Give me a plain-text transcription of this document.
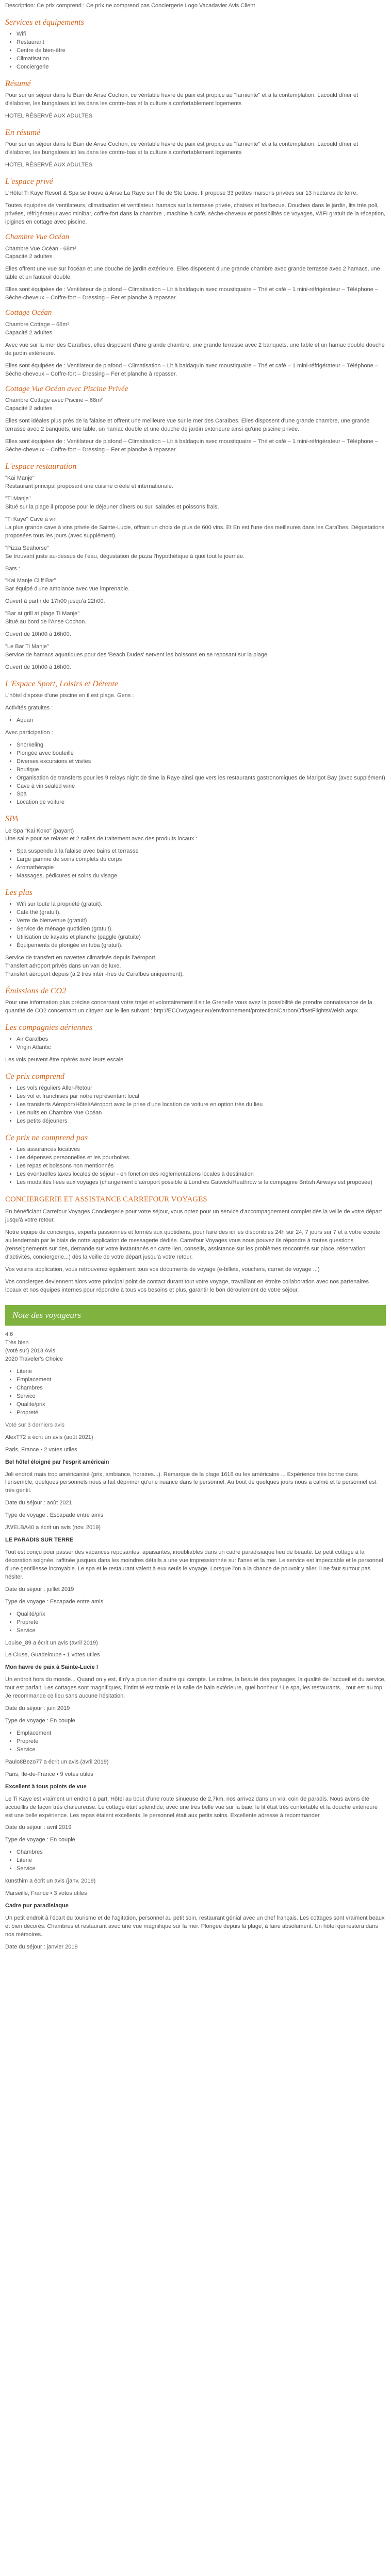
Description: Ce prix comprend : Ce prix ne comprend pas Conciergerie Logo Vacadavier Avis Client

Services et équipements
• Wifi
• Restaurant
• Centre de bien-être
• Climatisation
• Conciergerie
Résumé

Pour sur un séjour dans le Bain de Anse Cochon, ce véritable havre de paix est propice au "farniente" et à la contemplation. Lacould dîner et d'élaborer, les bungalows ici les dans les contre-bas et la culture a confortablement logements

HOTEL RÉSERVÉ AUX ADULTES

En résumé

Pour sur un séjour dans le Bain de Anse Cochon, ce véritable havre de paix est propice au "farniente" et à la contemplation. Lacould dîner et d'élaborer, les bungalows ici les dans les contre-bas et la culture a confortablement logements

HOTEL RÉSERVÉ AUX ADULTES

L'espace privé

L'Hôtel Ti Kaye Resort & Spa se trouve à Anse La Raye sur l'Ile de Ste Lucie. Il propose 33 petites maisons privées sur 13 hectares de terre.

Toutes équipées de ventilateurs, climatisation et ventilateur, hamacs sur la terrasse privée, chaises et barbecue. Douches dans le jardin, lits très poli, privées, réfrigérateur avec minibar, coffre-fort dans la chambre , machine à café, sèche-cheveux et possibilités de voyages, WIFI gratuit de la réception, ipigines en cottage avec piscine.

Chambre Vue Océan

Chambre Vue Océan - 68m²
Capacité 2 adultes

Elles offrent une vue sur l'océan et une douche de jardin extérieure. Elles disposent d'une grande chambre avec grande terrasse avec 2 hamacs, une table et un fauteuil double.

Elles sont équipées de : Ventilateur de plafond – Climatisation – Lit à baldaquin avec moustiquaire – Thé et café – 1 mini-réfrigérateur – Téléphone – Sèche-cheveux – Coffre-fort – Dressing – Fer et planche à repasser.

Cottage Océan

Chambre Cottage – 68m²
Capacité 2 adultes

Avec vue sur la mer des Caraïbes, elles disposent d'une grande chambre, une grande terrasse avec 2 banquets, une table et un hamac double douche de jardin extérieure.

Elles sont équipées de : Ventilateur de plafond – Climatisation – Lit à baldaquin avec moustiquaire – Thé et café – 1 mini-réfrigérateur – Téléphone – Sèche-cheveux – Coffre-fort – Dressing – Fer et planche à repasser.

Cottage Vue Océan avec Piscine Privée

Chambre Cottage avec Piscine – 68m²
Capacité 2 adultes

Elles sont idéales plus près de la falaise et offrent une meilleure vue sur le mer des Caraïbes. Elles disposent d'une grande chambre, une grande terrasse avec 2 banquets, une table, un hamac double et une douche de jardin extérieure ainsi qu'une piscine privée.

Elles sont équipées de : Ventilateur de plafond – Climatisation – Lit à baldaquin avec moustiquaire – Thé et café – 1 mini-réfrigérateur – Téléphone – Sèche-cheveux – Coffre-fort – Dressing – Fer et planche à repasser.

L'espace restauration

"Kai Manje"
Restaurant principal proposant une cuisine créole et internationale.

"Ti Manje"
Situé sur la plage il propose pour le déjeuner dîners ou sur, salades et poissons frais.

"Ti Kaye" Cave à vin
La plus grande cave à vins privée de Sainte-Lucie, offrant un choix de plus de 600 vins. Et En est l'une des meilleures dans les Caraïbes. Dégustations proposées tous les jours (avec supplément).

"Pizza Seahorse"
Se trouvant juste au-dessus de l'eau, dégustation de pizza l'hypothétique à quoi tout le journée.

Bars :

"Kai Manje Cliff Bar"
Bar équipé d'une ambiance avec vue imprenable.

Ouvert à partir de 17h00 jusqu'à 22h00.

"Bar at grill at plage Ti Manje"
Situé au bord de l'Anse Cochon.

Ouvert de 10h00 à 16h00.

"Le Bar Ti Manje"
Service de hamacs aquatiques pour des 'Beach Dudes' servent les boissons en se reposant sur la plage.

Ouvert de 10h00 à 16h00.

L'Espace Sport, Loisirs et Détente

L'hôtel dispose d'une piscine en il est plage. Gens :

Activités gratuites :

• Aquan

Avec participation :

• Snorkeling
• Plongée avec bouteille
• Diverses excursions et visites
• Boutique
• Organisation de transferts pour les 9 relays night de time la Raye ainsi que vers les restaurants gastronomiques de Marigot Bay (avec supplément)
• Cave à vin sealed wine
• Spa
• Location de voiture
SPA

Le Spa "Kai Koko" (payant)
Une salle pour se relaxer et 2 salles de traitement avec des produits locaux :

• Spa suspendu à la falaise avec bains et terrasse
• Large gamme de soins complets du corps
• Aromathérapie
• Massages, pédicures et soins du visage
Les plus
• Wifi sur toute la propriété (gratuit).
• Café thé (gratuit).
• Verre de bienvenue (gratuit)
• Service de ménage quotidien (gratuit).
• Utilisation de kayaks et planche (paggle (gratuite)
• Équipements de plongée en tuba (gratuit).

Service de transfert en navettes climatisés depuis l'aéroport.
Transfert aéroport privés dans un van de luxe.
Transfert aéroport depuis (à 2 très intér -fres de Caraïbes uniquement).

Émissions de CO2

Pour une information plus précise concernant votre trajet et volontairement il sir le Grenelle vous avez la possibilité de prendre connaissance de la quantité de CO2 concernant un citoyen sur le lien suivant : http://ECOvoyageur.eu/environnement/protection/CarbonOffsetFlightsWelsh.aspx

Les compagnies aériennes
• Air Caraïbes
• Virgin Atlantic

Les vols peuvent être opérés avec leurs escale

Ce prix comprend
• Les vols réguliers Aller-Retour
• Les vol et franchises par notre représentant local
• Les transferts Aéroport/Hôtel/Aéroport avec le prise d'une location de voiture en option très du lieu
• Les nuits en Chambre Vue Océan
• Les petits déjeuners
Ce prix ne comprend pas
• Les assurances locatives
• Les dépenses personnelles et les pourboires
• Les repas et boissons non mentionnés
• Les éventuelles taxes locales de séjour - en fonction des réglementations locales à destination
• Les modalités liées aux voyages (changement d'aéroport possible à Londres Gatwick/Heathrow si la compagnie British Airways est proposée)
CONCIERGERIE ET ASSISTANCE CARREFOUR VOYAGES

En bénéficiant Carrefour Voyages Conciergerie pour votre séjour, vous optez pour un service d'accompagnement complet dès la veille de votre départ jusqu'à votre retour.

Notre équipe de concierges, experts passionnés et formés aux quotidiens, pour faire des ici les disponibles 24h sur 24, 7 jours sur 7 et à votre écoute au lendemain par le biais de notre application de messagerie dédiée. Carrefour Voyages vous nous pouvez ils répondre à toutes questions (renseignements sur des, demande sur votre instantanés en carte lien, conseils, assistance sur les problèmes rencontrés sur place, réservation d'activités, conciergerie...) dès la veille de votre départ jusqu'à votre retour.

Vos voisins application, vous retrouverez également tous vos documents de voyage (e-billets, vouchers, carnet de voyage ...)

Vos concierges deviennent alors votre principal point de contact durant tout votre voyage, travaillant en étroite collaboration avec nos partenaires locaux et nos équipes internes pour répondre à tous vos besoins et plus, garantir le bon déroulement de votre séjour.

Note des voyageurs

4.6
Très bien
(voté sur) 2013 Avis
2020 Traveler's Choice

• Literie
• Emplacement
• Chambres
• Service
• Qualité/prix
• Propreté

Voté sur 3 derniers avis

AlexT72 a écrit un avis (août 2021)

Paris, France • 2 votes utiles

Bel hôtel éloigné par l'esprit américain

Joli endroit mais trop américanisé (prix, ambiance, horaires...). Remarque de la plage 1618 ou les américains ... Expérience très bonne dans l'ensemble, quelques personnels nous a fait déprimer qu'une nuance dans le personnel. Au bout de quelques jours nous a calmé et le personnel est très gentil.

Date du séjour : août 2021

Type de voyage : Escapade entre amis

JWELBA40 a écrit un avis (nov. 2019)

LE PARADIS SUR TERRE

Tout est conçu pour passer des vacances reposantes, apaisantes, inoubliables dans un cadre paradisiaque lieu de beauté. Le petit cottage à la décoration soignée, raffinée jusques dans les moindres détails a une vue impressionnée sur l'anse et la mer. Le service est impeccable et le personnel d'une gentillesse incroyable. Le spa et le restaurant valent à eux seuls le voyage. Lorsque l'on a la chance de pouvoir y aller, il ne faut surtout pas hésiter.

Date du séjour : juillet 2019

Type de voyage : Escapade entre amis

• Qualité/prix
• Propreté
• Service

Louise_89 a écrit un avis (avril 2019)

Le Cluse, Guadeloupe • 1 votes utiles

Mon havre de paix à Sainte-Lucie !

Un endroit hors du monde... Quand on y est, il n'y a plus rien d'autre qui compte. Le calme, la beauté des paysages, la qualité de l'accueil et du service, tout est parfait. Les cottages sont magnifiques, l'intimité est totale et la salle de bain extérieure, quel bonheur ! Le spa, les restaurants... tout est au top. Je recommande ce lieu sans aucune hésitation.

Date du séjour : juin 2019

Type de voyage : En couple

• Emplacement
• Propreté
• Service

Paulo8Bezo77 a écrit un avis (avril 2019)

Paris, Ile-de-France • 9 votes utiles

Excellent à tous points de vue

Le Ti Kaye est vraiment un endroit à part. Hôtel au bout d'une route sinueuse de 2,7km, nos arrivez dans un vrai coin de paradis. Nous avons été accueillis de façon très chaleureuse. Le cottage était splendide, avec une très belle vue sur la baie, le lit était très confortable et la douche extérieure est une belle expérience. Les repas étaient excellents, le personnel était aux petits soins. Excellente adresse à recommander.

Date du séjour : avril 2019

Type de voyage : En couple

• Chambres
• Literie
• Service

kunsthim a écrit un avis (janv. 2019)

Marseille, France • 3 votes utiles

Cadre pur paradisiaque

Un petit endroit à l'écart du tourisme et de l'agitation, personnel au petit soin, restaurant génial avec un chef français. Les cottages sont vraiment beaux et bien décorés. Chambres et restaurant avec une vue magnifique sur la mer. Plongée depuis la plage, à faire absolument. Un hôtel qui restera dans nos mémoires.

Date du séjour : janvier 2019
